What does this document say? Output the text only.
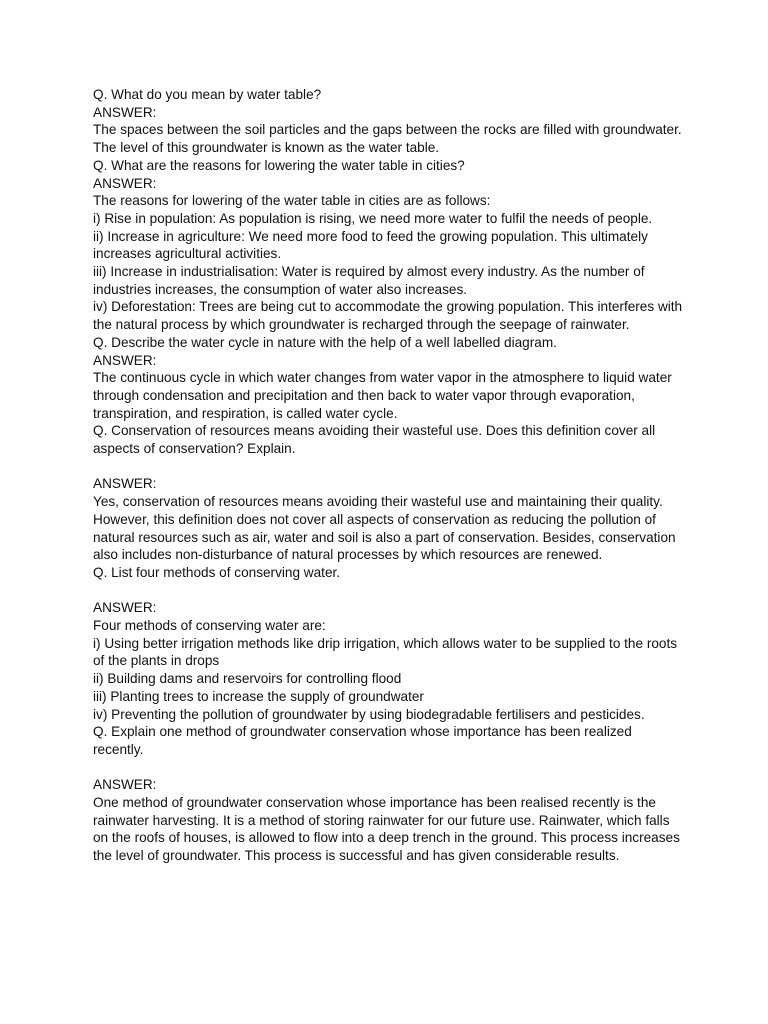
Q. What do you mean by water table?

ANSWER:

The spaces between the soil particles and the gaps between the rocks are filled with groundwater. The level of this groundwater is known as the water table.

Q. What are the reasons for lowering the water table in cities?

ANSWER:

The reasons for lowering of the water table in cities are as follows:

i) Rise in population: As population is rising, we need more water to fulfil the needs of people.

ii) Increase in agriculture: We need more food to feed the growing population. This ultimately increases agricultural activities.

iii) Increase in industrialisation: Water is required by almost every industry. As the number of industries increases, the consumption of water also increases.

iv) Deforestation: Trees are being cut to accommodate the growing population. This interferes with the natural process by which groundwater is recharged through the seepage of rainwater.

Q. Describe the water cycle in nature with the help of a well labelled diagram.

ANSWER:

The continuous cycle in which water changes from water vapor in the atmosphere to liquid water through condensation and precipitation and then back to water vapor through evaporation, transpiration, and respiration, is called water cycle.

Q. Conservation of resources means avoiding their wasteful use. Does this definition cover all aspects of conservation? Explain.

ANSWER:

Yes, conservation of resources means avoiding their wasteful use and maintaining their quality. However, this definition does not cover all aspects of conservation as reducing the pollution of natural resources such as air, water and soil is also a part of conservation. Besides, conservation also includes non-disturbance of natural processes by which resources are renewed.

Q. List four methods of conserving water.

ANSWER:

Four methods of conserving water are:

i) Using better irrigation methods like drip irrigation, which allows water to be supplied to the roots of the plants in drops

ii) Building dams and reservoirs for controlling flood

iii) Planting trees to increase the supply of groundwater

iv) Preventing the pollution of groundwater by using biodegradable fertilisers and pesticides.

Q. Explain one method of groundwater conservation whose importance has been realized recently.

ANSWER:

One method of groundwater conservation whose importance has been realised recently is the rainwater harvesting. It is a method of storing rainwater for our future use. Rainwater, which falls on the roofs of houses, is allowed to flow into a deep trench in the ground. This process increases the level of groundwater. This process is successful and has given considerable results.
